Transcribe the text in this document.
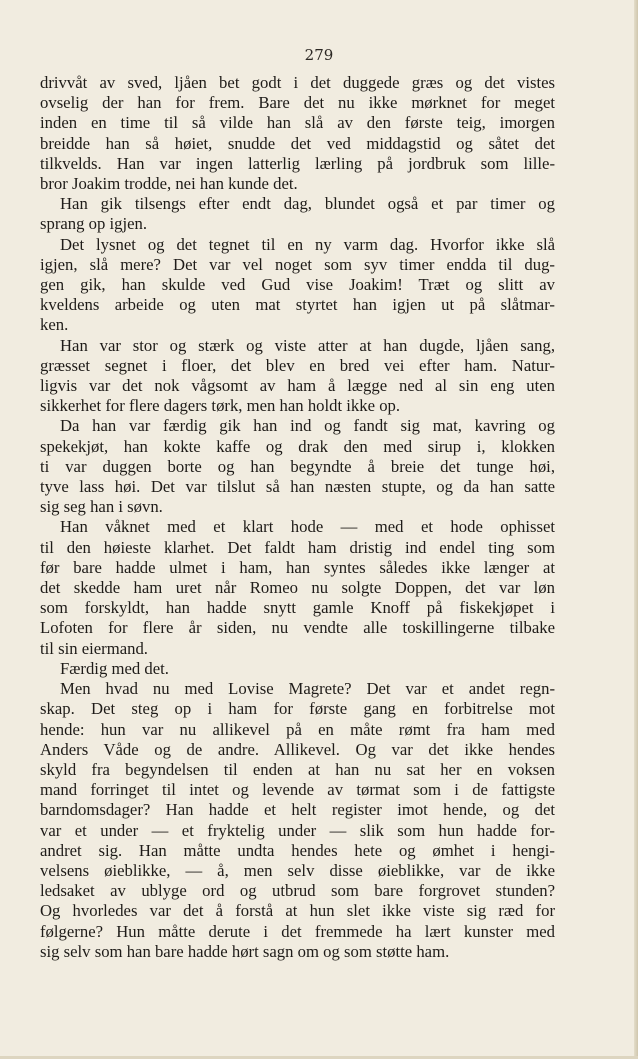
279

drivvåt av sved, ljåen bet godt i det duggede græs og det vistes
ovselig der han for frem. Bare det nu ikke mørknet for meget
inden en time til så vilde han slå av den første teig, imorgen
breidde han så høiet, snudde det ved middagstid og såtet det
tilkvelds. Han var ingen latterlig lærling på jordbruk som lille-
bror Joakim trodde, nei han kunde det.

Han gik tilsengs efter endt dag, blundet også et par timer og
sprang op igjen.

Det lysnet og det tegnet til en ny varm dag. Hvorfor ikke slå
igjen, slå mere? Det var vel noget som syv timer endda til dug-
gen gik, han skulde ved Gud vise Joakim! Træt og slitt av
kveldens arbeide og uten mat styrtet han igjen ut på slåtmar-
ken.

Han var stor og stærk og viste atter at han dugde, ljåen sang,
græsset segnet i floer, det blev en bred vei efter ham. Natur-
ligvis var det nok vågsomt av ham å lægge ned al sin eng uten
sikkerhet for flere dagers tørk, men han holdt ikke op.

Da han var færdig gik han ind og fandt sig mat, kavring og
spekekjøt, han kokte kaffe og drak den med sirup i, klokken
ti var duggen borte og han begyndte å breie det tunge høi,
tyve lass høi. Det var tilslut så han næsten stupte, og da han satte
sig seg han i søvn.

Han våknet med et klart hode — med et hode ophisset
til den høieste klarhet. Det faldt ham dristig ind endel ting som
før bare hadde ulmet i ham, han syntes således ikke længer at
det skedde ham uret når Romeo nu solgte Doppen, det var løn
som forskyldt, han hadde snytt gamle Knoff på fiskekjøpet i
Lofoten for flere år siden, nu vendte alle toskillingerne tilbake
til sin eiermand.

Færdig med det.

Men hvad nu med Lovise Magrete? Det var et andet regn-
skap. Det steg op i ham for første gang en forbitrelse mot
hende: hun var nu allikevel på en måte rømt fra ham med
Anders Våde og de andre. Allikevel. Og var det ikke hendes
skyld fra begyndelsen til enden at han nu sat her en voksen
mand forringet til intet og levende av tørmat som i de fattigste
barndomsdager? Han hadde et helt register imot hende, og det
var et under — et fryktelig under — slik som hun hadde for-
andret sig. Han måtte undta hendes hete og ømhet i hengi-
velsens øieblikke, — å, men selv disse øieblikke, var de ikke
ledsaket av ublyge ord og utbrud som bare forgrovet stunden?
Og hvorledes var det å forstå at hun slet ikke viste sig ræd for
følgerne? Hun måtte derute i det fremmede ha lært kunster med
sig selv som han bare hadde hørt sagn om og som støtte ham.
